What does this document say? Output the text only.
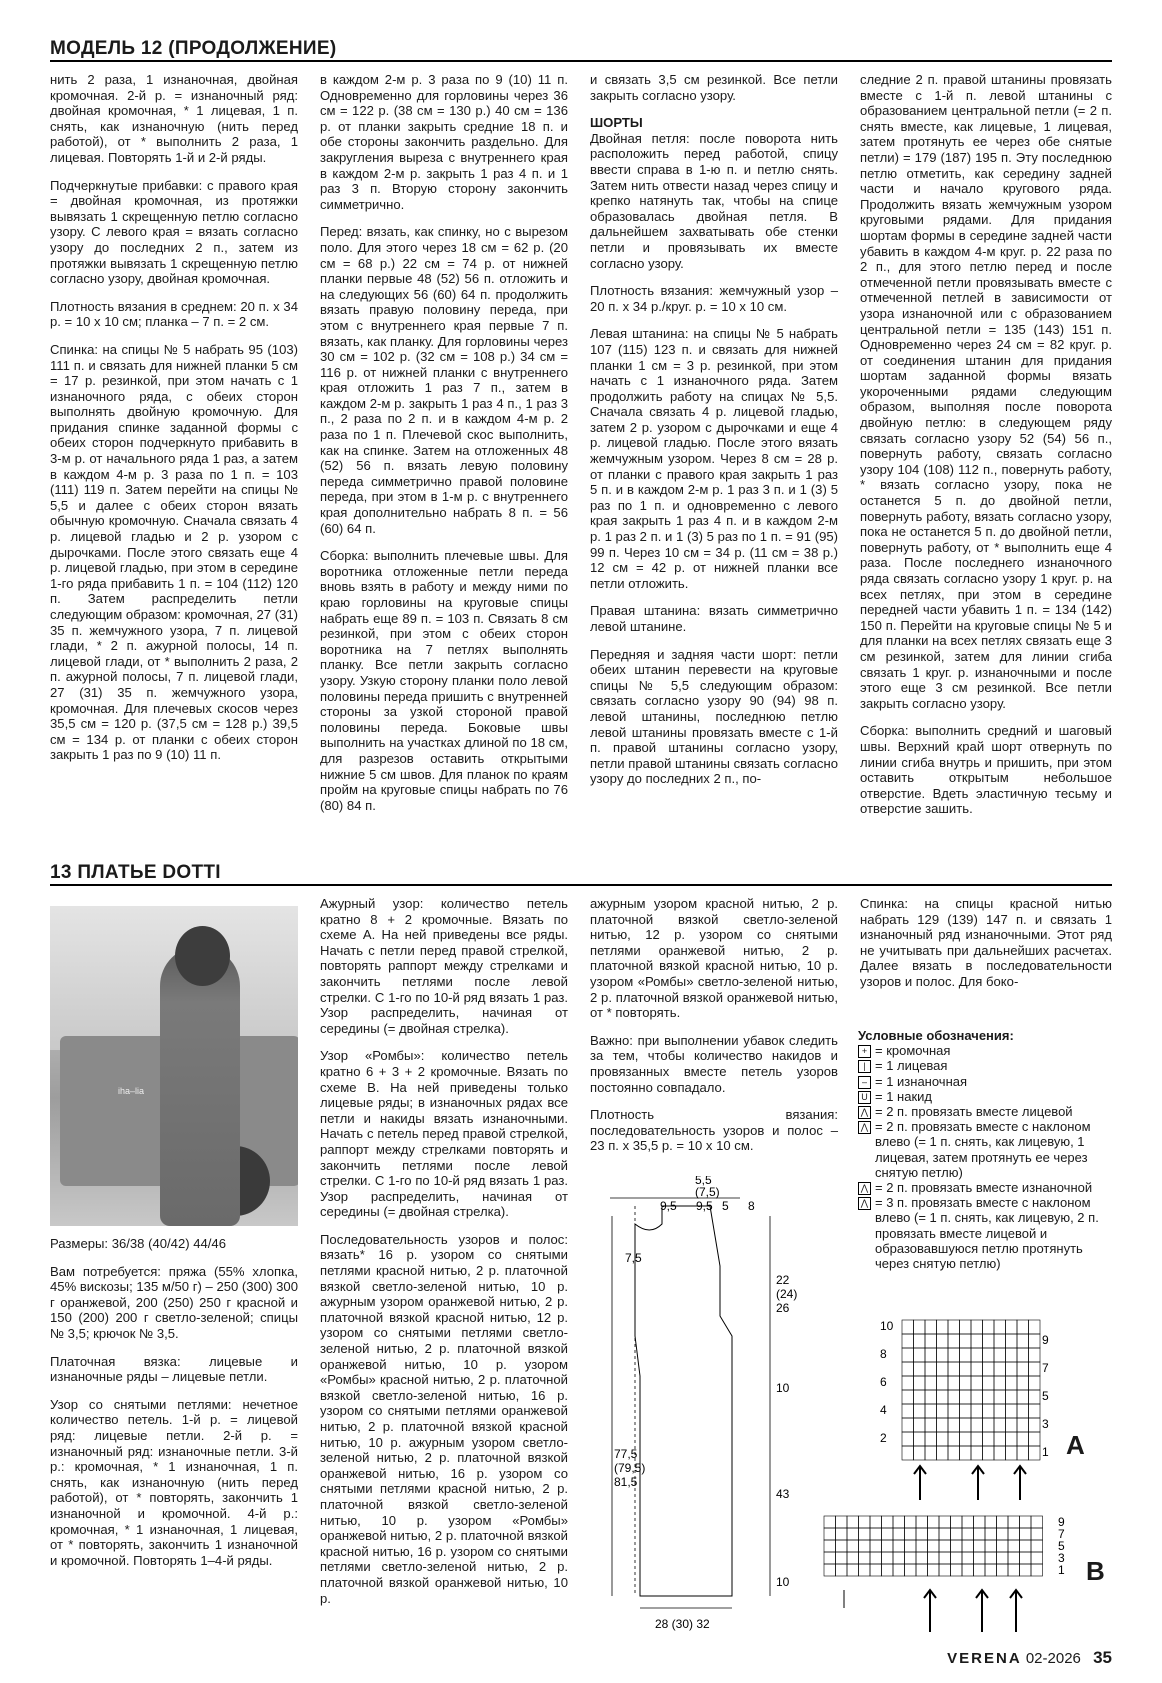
МОДЕЛЬ 12 (ПРОДОЛЖЕНИЕ)

нить 2 раза, 1 изнаночная, двойная кромочная. 2-й р. = изнаночный ряд: двойная кромочная, * 1 лицевая, 1 п. снять, как изнаночную (нить перед работой), от * выполнить 2 раза, 1 лицевая. Повторять 1-й и 2-й ряды.

Подчеркнутые прибавки: с правого края = двойная кромочная, из протяжки вывязать 1 скрещенную петлю согласно узору. С левого края = вязать согласно узору до последних 2 п., затем из протяжки вывязать 1 скрещенную петлю согласно узору, двойная кромочная.

Плотность вязания в среднем: 20 п. х 34 р. = 10 х 10 см; планка – 7 п. = 2 см.

Спинка: на спицы № 5 набрать 95 (103) 111 п. и связать для нижней планки 5 см = 17 р. резинкой, при этом начать с 1 изнаночного ряда, с обеих сторон выполнять двойную кромочную. Для придания спинке заданной формы с обеих сторон подчеркнуто прибавить в 3-м р. от начального ряда 1 раз, а затем в каждом 4-м р. 3 раза по 1 п. = 103 (111) 119 п. Затем перейти на спицы № 5,5 и далее с обеих сторон вязать обычную кромочную. Сначала связать 4 р. лицевой гладью и 2 р. узором с дырочками. После этого связать еще 4 р. лицевой гладью, при этом в середине 1-го ряда прибавить 1 п. = 104 (112) 120 п. Затем распределить петли следующим образом: кромочная, 27 (31) 35 п. жемчужного узора, 7 п. лицевой глади, * 2 п. ажурной полосы, 14 п. лицевой глади, от * выполнить 2 раза, 2 п. ажурной полосы, 7 п. лицевой глади, 27 (31) 35 п. жемчужного узора, кромочная. Для плечевых скосов через 35,5 см = 120 р. (37,5 см = 128 р.) 39,5 см = 134 р. от планки с обеих сторон закрыть 1 раз по 9 (10) 11 п.

в каждом 2-м р. 3 раза по 9 (10) 11 п. Одновременно для горловины через 36 см = 122 р. (38 см = 130 р.) 40 см = 136 р. от планки закрыть средние 18 п. и обе стороны закончить раздельно. Для закругления выреза с внутреннего края в каждом 2-м р. закрыть 1 раз 4 п. и 1 раз 3 п. Вторую сторону закончить симметрично.

Перед: вязать, как спинку, но с вырезом поло. Для этого через 18 см = 62 р. (20 см = 68 р.) 22 см = 74 р. от нижней планки первые 48 (52) 56 п. отложить и на следующих 56 (60) 64 п. продолжить вязать правую половину переда, при этом с внутреннего края первые 7 п. вязать, как планку. Для горловины через 30 см = 102 р. (32 см = 108 р.) 34 см = 116 р. от нижней планки с внутреннего края отложить 1 раз 7 п., затем в каждом 2-м р. закрыть 1 раз 4 п., 1 раз 3 п., 2 раза по 2 п. и в каждом 4-м р. 2 раза по 1 п. Плечевой скос выполнить, как на спинке. Затем на отложенных 48 (52) 56 п. вязать левую половину переда симметрично правой половине переда, при этом в 1-м р. с внутреннего края дополнительно набрать 8 п. = 56 (60) 64 п.

Сборка: выполнить плечевые швы. Для воротника отложенные петли переда вновь взять в работу и между ними по краю горловины на круговые спицы набрать еще 89 п. = 103 п. Связать 8 см резинкой, при этом с обеих сторон воротника на 7 петлях выполнять планку. Все петли закрыть согласно узору. Узкую сторону планки поло левой половины переда пришить с внутренней стороны за узкой стороной правой половины переда. Боковые швы выполнить на участках длиной по 18 см, для разрезов оставить открытыми нижние 5 см швов. Для планок по краям пройм на круговые спицы набрать по 76 (80) 84 п.

и связать 3,5 см резинкой. Все петли закрыть согласно узору.

ШОРТЫ

Двойная петля: после поворота нить расположить перед работой, спицу ввести справа в 1-ю п. и петлю снять. Затем нить отвести назад через спицу и крепко натянуть так, чтобы на спице образовалась двойная петля. В дальнейшем захватывать обе стенки петли и провязывать их вместе согласно узору.

Плотность вязания: жемчужный узор – 20 п. х 34 р./круг. р. = 10 х 10 см.

Левая штанина: на спицы № 5 набрать 107 (115) 123 п. и связать для нижней планки 1 см = 3 р. резинкой, при этом начать с 1 изнаночного ряда. Затем продолжить работу на спицах № 5,5. Сначала связать 4 р. лицевой гладью, затем 2 р. узором с дырочками и еще 4 р. лицевой гладью. После этого вязать жемчужным узором. Через 8 см = 28 р. от планки с правого края закрыть 1 раз 5 п. и в каждом 2-м р. 1 раз 3 п. и 1 (3) 5 раз по 1 п. и одновременно с левого края закрыть 1 раз 4 п. и в каждом 2-м р. 1 раз 2 п. и 1 (3) 5 раз по 1 п. = 91 (95) 99 п. Через 10 см = 34 р. (11 см = 38 р.) 12 см = 42 р. от нижней планки все петли отложить.

Правая штанина: вязать симметрично левой штанине.

Передняя и задняя части шорт: петли обеих штанин перевести на круговые спицы № 5,5 следующим образом: связать согласно узору 90 (94) 98 п. левой штанины, последнюю петлю левой штанины провязать вместе с 1-й п. правой штанины согласно узору, петли правой штанины связать согласно узору до последних 2 п., по-

следние 2 п. правой штанины провязать вместе с 1-й п. левой штанины с образованием центральной петли (= 2 п. снять вместе, как лицевые, 1 лицевая, затем протянуть ее через обе снятые петли) = 179 (187) 195 п. Эту последнюю петлю отметить, как середину задней части и начало кругового ряда. Продолжить вязать жемчужным узором круговыми рядами. Для придания шортам формы в середине задней части убавить в каждом 4-м круг. р. 22 раза по 2 п., для этого петлю перед и после отмеченной петли провязывать вместе с отмеченной петлей в зависимости от узора изнаночной или с образованием центральной петли = 135 (143) 151 п. Одновременно через 24 см = 82 круг. р. от соединения штанин для придания шортам заданной формы вязать укороченными рядами следующим образом, выполняя после поворота двойную петлю: в следующем ряду связать согласно узору 52 (54) 56 п., повернуть работу, связать согласно узору 104 (108) 112 п., повернуть работу, * вязать согласно узору, пока не останется 5 п. до двойной петли, повернуть работу, вязать согласно узору, пока не останется 5 п. до двойной петли, повернуть работу, от * выполнить еще 4 раза. После последнего изнаночного ряда связать согласно узору 1 круг. р. на всех петлях, при этом в середине передней части убавить 1 п. = 134 (142) 150 п. Перейти на круговые спицы № 5 и для планки на всех петлях связать еще 3 см резинкой, затем для линии сгиба связать 1 круг. р. изнаночными и после этого еще 3 см резинкой. Все петли закрыть согласно узору.

Сборка: выполнить средний и шаговый швы. Верхний край шорт отвернуть по линии сгиба внутрь и пришить, при этом оставить открытым небольшое отверстие. Вдеть эластичную тесьму и отверстие зашить.

13 ПЛАТЬЕ DOTTI
iha–lia

Размеры: 36/38 (40/42) 44/46

Вам потребуется: пряжа (55% хлопка, 45% вискозы; 135 м/50 г) – 250 (300) 300 г оранжевой, 200 (250) 250 г красной и 150 (200) 200 г светло-зеленой; спицы № 3,5; крючок № 3,5.

Платочная вязка: лицевые и изнаночные ряды – лицевые петли.

Узор со снятыми петлями: нечетное количество петель. 1-й р. = лицевой ряд: лицевые петли. 2-й р. = изнаночный ряд: изнаночные петли. 3-й р.: кромочная, * 1 изнаночная, 1 п. снять, как изнаночную (нить перед работой), от * повторять, закончить 1 изнаночной и кромочной. 4-й р.: кромочная, * 1 изнаночная, 1 лицевая, от * повторять, закончить 1 изнаночной и кромочной. Повторять 1–4-й ряды.

Ажурный узор: количество петель кратно 8 + 2 кромочные. Вязать по схеме А. На ней приведены все ряды. Начать с петли перед правой стрелкой, повторять раппорт между стрелками и закончить петлями после левой стрелки. С 1-го по 10-й ряд вязать 1 раз. Узор распределить, начиная от середины (= двойная стрелка).

Узор «Ромбы»: количество петель кратно 6 + 3 + 2 кромочные. Вязать по схеме В. На ней приведены только лицевые ряды; в изнаночных рядах все петли и накиды вязать изнаночными. Начать с петель перед правой стрелкой, раппорт между стрелками повторять и закончить петлями после левой стрелки. С 1-го по 10-й ряд вязать 1 раз. Узор распределить, начиная от середины (= двойная стрелка).

Последовательность узоров и полос: вязать* 16 р. узором со снятыми петлями красной нитью, 2 р. платочной вязкой светло-зеленой нитью, 10 р. ажурным узором оранжевой нитью, 2 р. платочной вязкой красной нитью, 12 р. узором со снятыми петлями светло-зеленой нитью, 2 р. платочной вязкой оранжевой нитью, 10 р. узором «Ромбы» красной нитью, 2 р. платочной вязкой светло-зеленой нитью, 16 р. узором со снятыми петлями оранжевой нитью, 2 р. платочной вязкой красной нитью, 10 р. ажурным узором светло-зеленой нитью, 2 р. платочной вязкой оранжевой нитью, 16 р. узором со снятыми петлями красной нитью, 2 р. платочной вязкой светло-зеленой нитью, 10 р. узором «Ромбы» оранжевой нитью, 2 р. платочной вязкой красной нитью, 16 р. узором со снятыми петлями светло-зеленой нитью, 2 р. платочной вязкой оранжевой нитью, 10 р.

ажурным узором красной нитью, 2 р. платочной вязкой светло-зеленой нитью, 12 р. узором со снятыми петлями оранжевой нитью, 2 р. платочной вязкой красной нитью, 10 р. узором «Ромбы» светло-зеленой нитью, 2 р. платочной вязкой оранжевой нитью, от * повторять.

Важно: при выполнении убавок следить за тем, чтобы количество накидов и провязанных вместе петель узоров постоянно совпадало.

Плотность вязания: последовательность узоров и полос – 23 п. х 35,5 р. = 10 х 10 см.

Спинка: на спицы красной нитью набрать 129 (139) 147 п. и связать 1 изнаночный ряд изнаночными. Этот ряд не учитывать при дальнейших расчетах. Далее вязать в последовательности узоров и полос. Для боко-

Условные обозначения:
+ = кромочная
| = 1 лицевая
– = 1 изнаночная
U = 1 накид
⋀ = 2 п. провязать вместе лицевой
⋀ = 2 п. провязать вместе с наклоном влево (= 1 п. снять, как лицевую, 1 лицевая, затем протянуть ее через снятую петлю)
⋀ = 2 п. провязать вместе изнаночной
⋀ = 3 п. провязать вместе с наклоном влево (= 1 п. снять, как лицевую, 2 п. провязать вместе лицевой и образовавшуюся петлю протянуть через снятую петлю)
5,5
(7,5)
9,5 9,5 5 8
7,5
22
(24)
26
10
43
10
77,5
(79,5)
81,5
28 (30) 32
10
8
6
4
2
9
7
5
3
1 A
9
7
5
3
1 B
VERENA 02-2026 35
